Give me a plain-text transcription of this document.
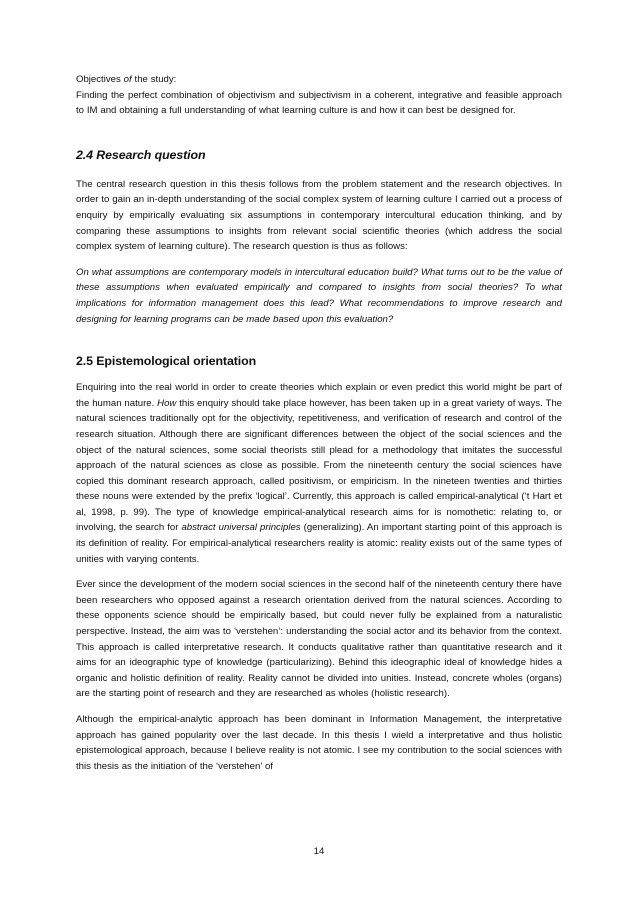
Objectives of the study:

Finding the perfect combination of objectivism and subjectivism in a coherent, integrative and feasible approach to IM and obtaining a full understanding of what learning culture is and how it can best be designed for.

2.4 Research question

The central research question in this thesis follows from the problem statement and the research objectives. In order to gain an in-depth understanding of the social complex system of learning culture I carried out a process of enquiry by empirically evaluating six assumptions in contemporary intercultural education thinking, and by comparing these assumptions to insights from relevant social scientific theories (which address the social complex system of learning culture). The research question is thus as follows:

On what assumptions are contemporary models in intercultural education build? What turns out to be the value of these assumptions when evaluated empirically and compared to insights from social theories? To what implications for information management does this lead? What recommendations to improve research and designing for learning programs can be made based upon this evaluation?

2.5 Epistemological orientation

Enquiring into the real world in order to create theories which explain or even predict this world might be part of the human nature. How this enquiry should take place however, has been taken up in a great variety of ways. The natural sciences traditionally opt for the objectivity, repetitiveness, and verification of research and control of the research situation. Although there are significant differences between the object of the social sciences and the object of the natural sciences, some social theorists still plead for a methodology that imitates the successful approach of the natural sciences as close as possible. From the nineteenth century the social sciences have copied this dominant research approach, called positivism, or empiricism. In the nineteen twenties and thirties these nouns were extended by the prefix ‘logical’. Currently, this approach is called empirical-analytical (‘t Hart et al, 1998, p. 99). The type of knowledge empirical-analytical research aims for is nomothetic: relating to, or involving, the search for abstract universal principles (generalizing). An important starting point of this approach is its definition of reality. For empirical-analytical researchers reality is atomic: reality exists out of the same types of unities with varying contents.

Ever since the development of the modern social sciences in the second half of the nineteenth century there have been researchers who opposed against a research orientation derived from the natural sciences. According to these opponents science should be empirically based, but could never fully be explained from a naturalistic perspective. Instead, the aim was to ‘verstehen’: understanding the social actor and its behavior from the context. This approach is called interpretative research. It conducts qualitative rather than quantitative research and it aims for an ideographic type of knowledge (particularizing). Behind this ideographic ideal of knowledge hides a organic and holistic definition of reality. Reality cannot be divided into unities. Instead, concrete wholes (organs) are the starting point of research and they are researched as wholes (holistic research).

Although the empirical-analytic approach has been dominant in Information Management, the interpretative approach has gained popularity over the last decade. In this thesis I wield a interpretative and thus holistic epistemological approach, because I believe reality is not atomic. I see my contribution to the social sciences with this thesis as the initiation of the ‘verstehen’ of

14
